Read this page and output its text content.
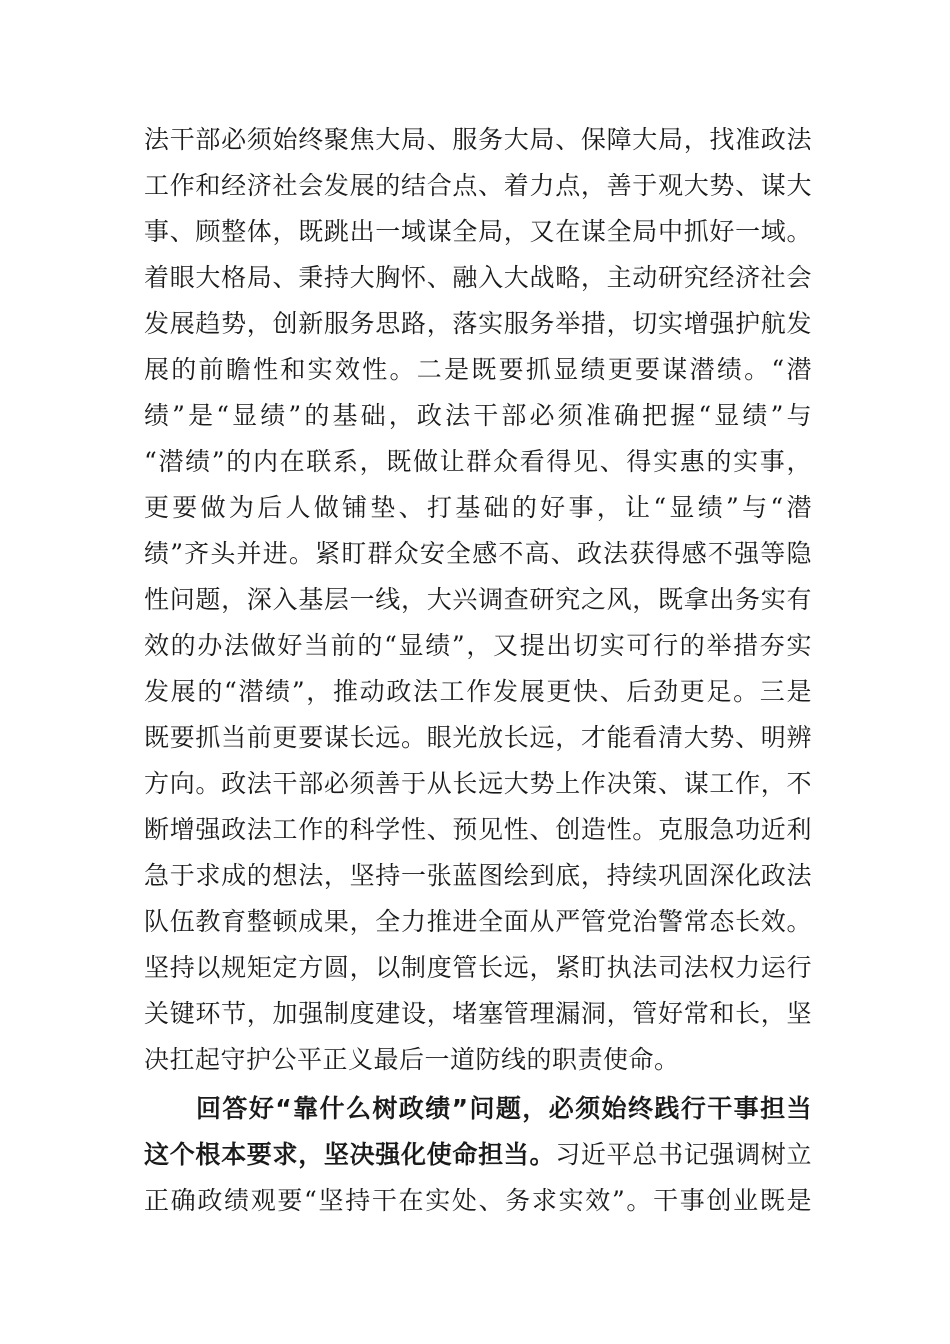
法干部必须始终聚焦大局、服务大局、保障大局，找准政法
工作和经济社会发展的结合点、着力点，善于观大势、谋大
事、顾整体，既跳出一域谋全局，又在谋全局中抓好一域。
着眼大格局、秉持大胸怀、融入大战略，主动研究经济社会
发展趋势，创新服务思路，落实服务举措，切实增强护航发
展的前瞻性和实效性。二是既要抓显绩更要谋潜绩。“潜
绩”是“显绩”的基础，政法干部必须准确把握“显绩”与
“潜绩”的内在联系，既做让群众看得见、得实惠的实事，
更要做为后人做铺垫、打基础的好事，让“显绩”与“潜
绩”齐头并进。紧盯群众安全感不高、政法获得感不强等隐
性问题，深入基层一线，大兴调查研究之风，既拿出务实有
效的办法做好当前的“显绩”，又提出切实可行的举措夯实
发展的“潜绩”，推动政法工作发展更快、后劲更足。三是
既要抓当前更要谋长远。眼光放长远，才能看清大势、明辨
方向。政法干部必须善于从长远大势上作决策、谋工作，不
断增强政法工作的科学性、预见性、创造性。克服急功近利
急于求成的想法，坚持一张蓝图绘到底，持续巩固深化政法
队伍教育整顿成果，全力推进全面从严管党治警常态长效。
坚持以规矩定方圆，以制度管长远，紧盯执法司法权力运行
关键环节，加强制度建设，堵塞管理漏洞，管好常和长，坚
决扛起守护公平正义最后一道防线的职责使命。
回答好“靠什么树政绩”问题，必须始终践行干事担当
这个根本要求，坚决强化使命担当。习近平总书记强调树立
正确政绩观要“坚持干在实处、务求实效”。干事创业既是
